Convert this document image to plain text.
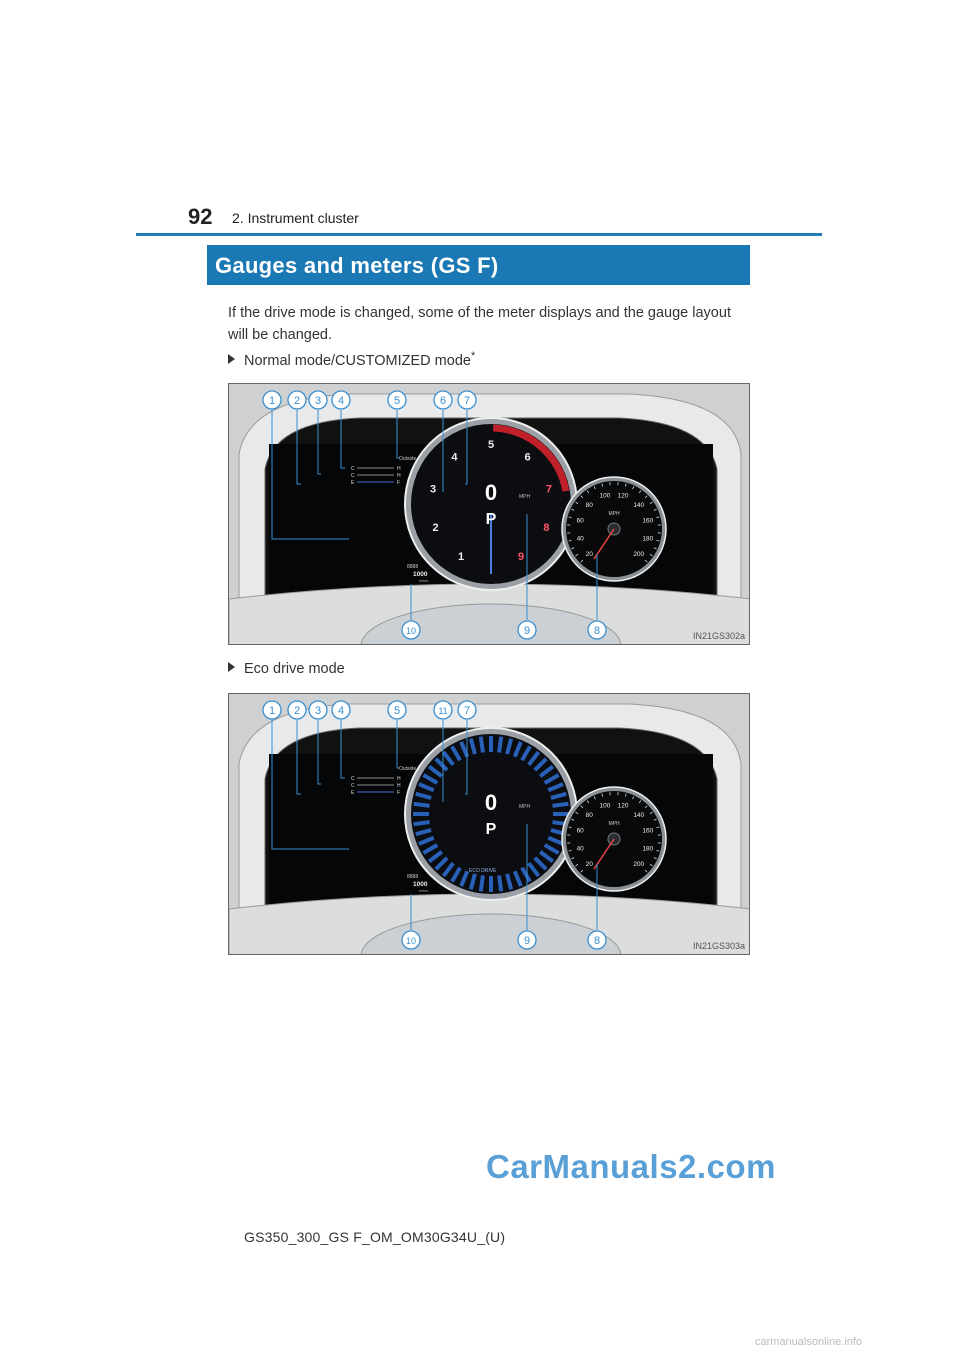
92 2. Instrument cluster
Gauges and meters (GS F)
If the drive mode is changed, some of the meter displays and the gauge layout will be changed.
Normal mode/CUSTOMIZED mode*
Outside
C	H
C	H
E	F
8888
1000
miles
1
2
3
4
5
6
7
8
9
0	MPH
P
20
40
60
80
100 120
140
160
180
200
MPH
1 2 3 4	5	6 7
10	9	8	IN21GS302a
Eco drive mode
Outside
C	H
C	H
E	F
8888
1000
miles
ECO DRIVE
0	MPH
P
20
40
60
80
100 120
140
160
180
200
MPH
1 2 3 4	5	11 7
10	9	8	IN21GS303a
CarManuals2.com
GS350_300_GS F_OM_OM30G34U_(U)
carmanualsonline.info
